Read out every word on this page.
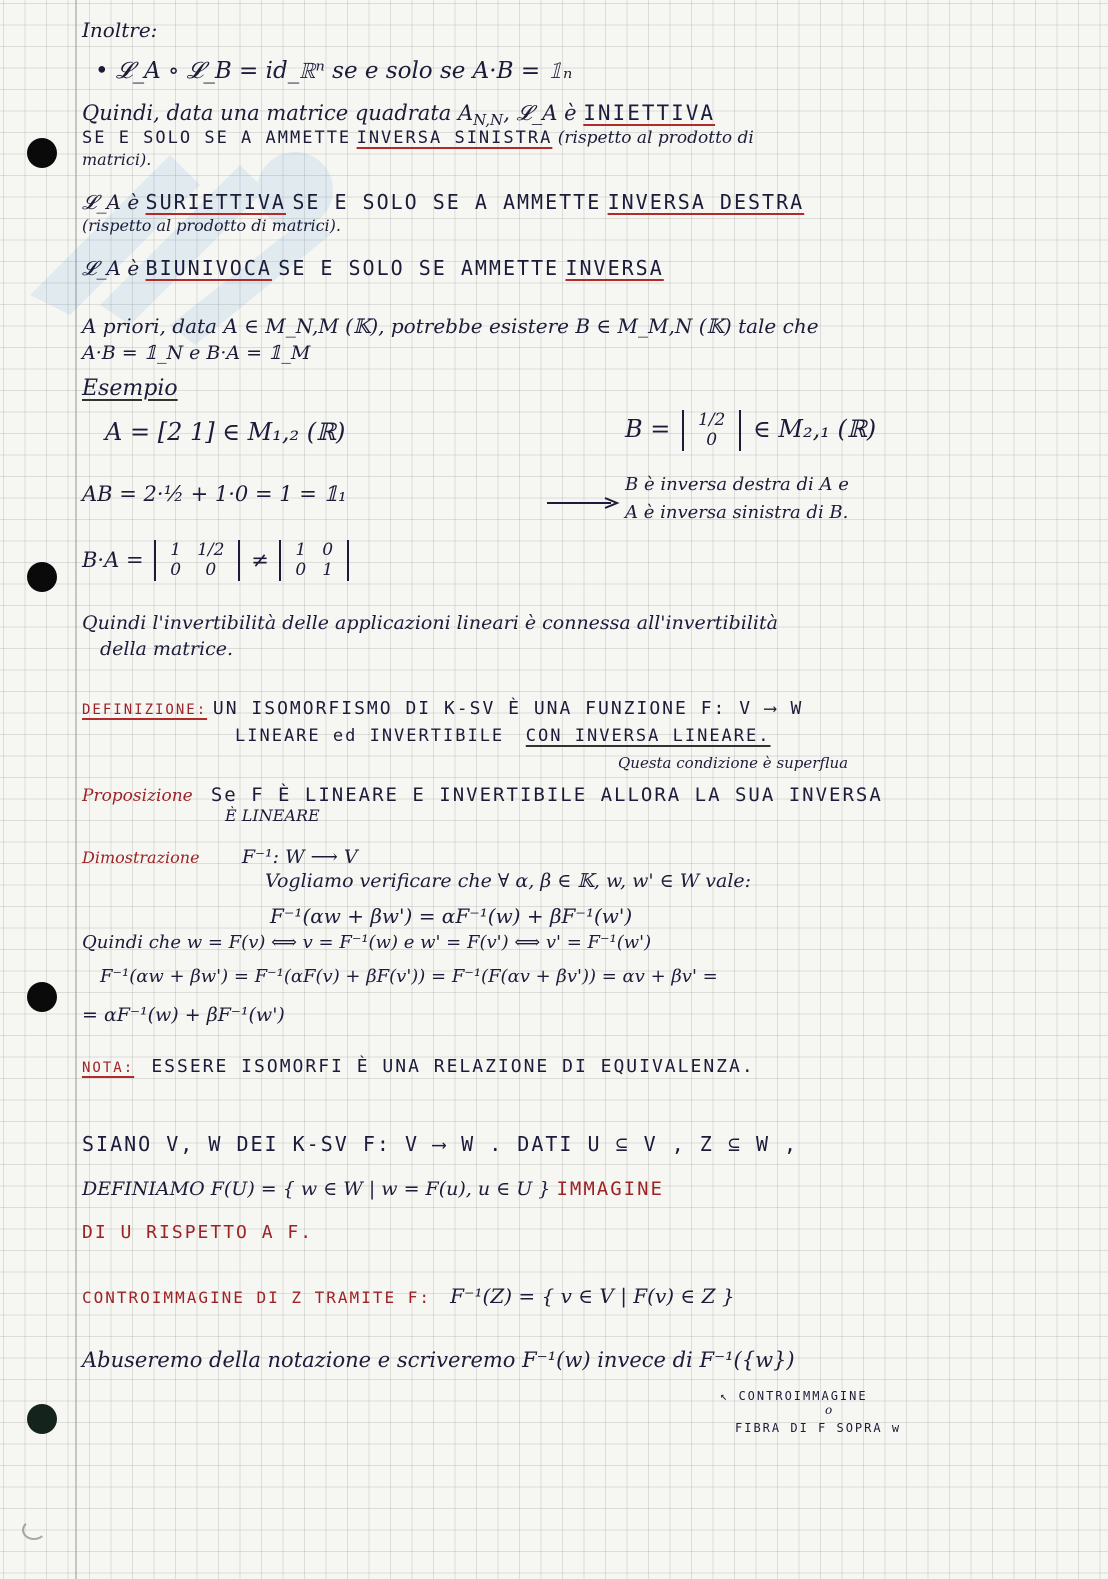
Inoltre:
• 𝓛_A ∘ 𝓛_B = id_ℝⁿ se e solo se A·B = 𝟙ₙ
Quindi, data una matrice quadrata $A_{N,N}$, 𝓛_A è INIETTIVA
SE E SOLO SE A AMMETTE INVERSA SINISTRA (rispetto al prodotto di
matrici).
𝓛_A è SURIETTIVA SE E SOLO SE A AMMETTE INVERSA DESTRA
(rispetto al prodotto di matrici).
𝓛_A è BIUNIVOCA SE E SOLO SE AMMETTE INVERSA
A priori, data A ∈ M_N,M (𝕂), potrebbe esistere B ∈ M_M,N (𝕂) tale che
A·B = 𝟙_N e B·A = 𝟙_M
Esempio
A = [2 1] ∈ M₁,₂ (ℝ)	B = 1/2
0 ∈ M₂,₁ (ℝ)
AB = 2·½ + 1·0 = 1 = 𝟙₁	B è inversa destra di A e
A è inversa sinistra di B.
B·A = 1	1/2
0	0 ≠ 1	0
0	1
Quindi l'invertibilità delle applicazioni lineari è connessa all'invertibilità
della matrice.
DEFINIZIONE: UN ISOMORFISMO DI K-SV È UNA FUNZIONE F: V ⟶ W
LINEARE ed INVERTIBILE CON INVERSA LINEARE.
Questa condizione è superflua
Proposizione Se F È LINEARE E INVERTIBILE ALLORA LA SUA INVERSA
È LINEARE
Dimostrazione F⁻¹: W ⟶ V
Vogliamo verificare che ∀ α, β ∈ 𝕂, w, w' ∈ W vale:
F⁻¹(αw + βw') = αF⁻¹(w) + βF⁻¹(w')
Quindi che w = F(v) ⟺ v = F⁻¹(w) e w' = F(v') ⟺ v' = F⁻¹(w')
F⁻¹(αw + βw') = F⁻¹(αF(v) + βF(v')) = F⁻¹(F(αv + βv')) = αv + βv' =
= αF⁻¹(w) + βF⁻¹(w')
NOTA: ESSERE ISOMORFI È UNA RELAZIONE DI EQUIVALENZA.
SIANO V, W DEI K-SV F: V ⟶ W . DATI U ⊆ V , Z ⊆ W ,
DEFINIAMO F(U) = { w ∈ W | w = F(u), u ∈ U } IMMAGINE
DI U RISPETTO A F.
CONTROIMMAGINE DI Z TRAMITE F: F⁻¹(Z) = { v ∈ V | F(v) ∈ Z }
Abuseremo della notazione e scriveremo F⁻¹(w) invece di F⁻¹({w})
↖ CONTROIMMAGINE
o
FIBRA DI F SOPRA w
